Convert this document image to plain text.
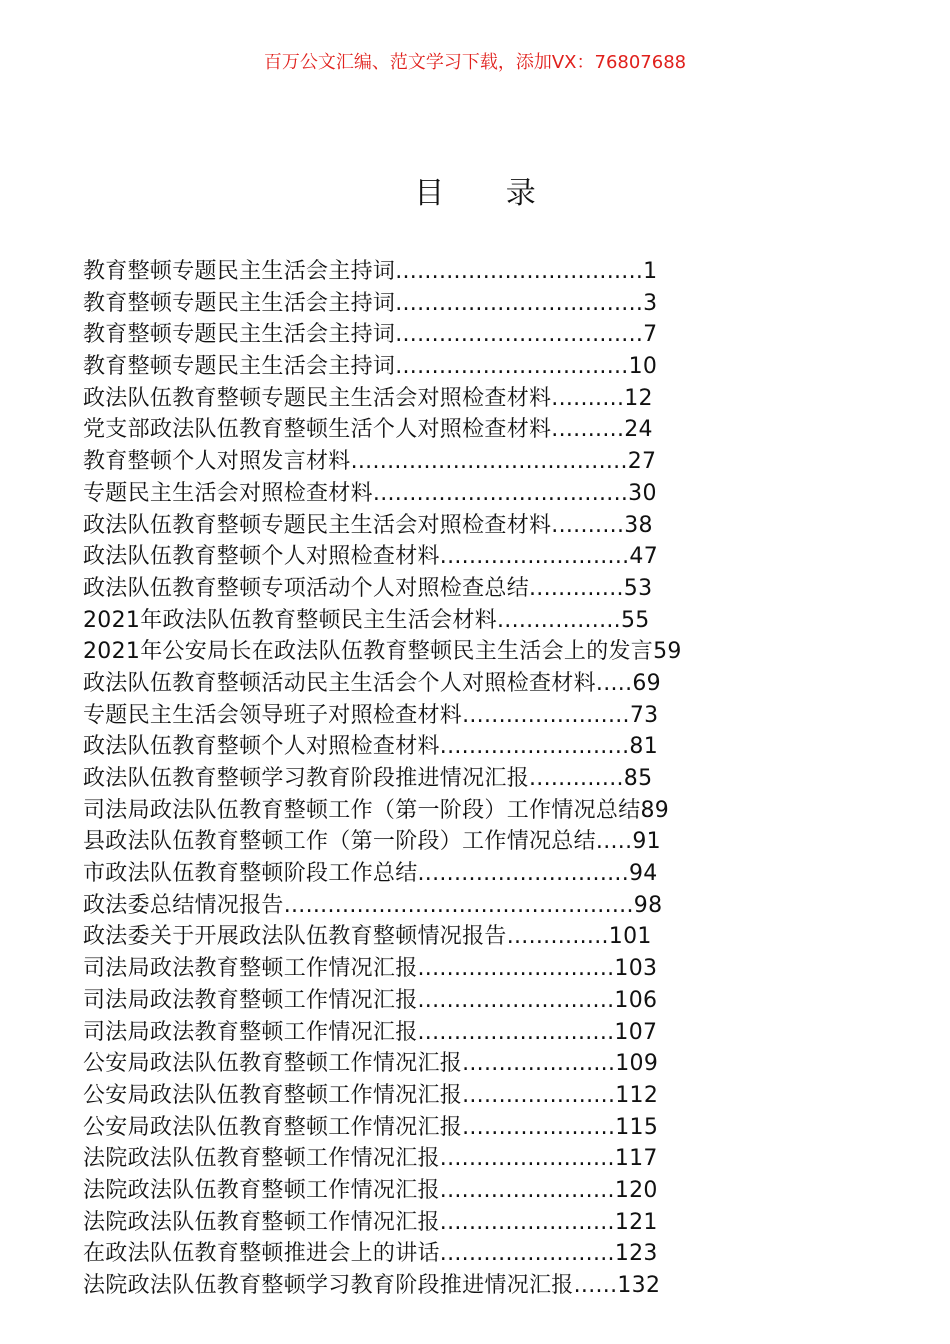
百万公文汇编、范文学习下载，添加VX：76807688
目 录
教育整顿专题民主生活会主持词..................................1
教育整顿专题民主生活会主持词..................................3
教育整顿专题民主生活会主持词..................................7
教育整顿专题民主生活会主持词................................10
政法队伍教育整顿专题民主生活会对照检查材料..........12
党支部政法队伍教育整顿生活个人对照检查材料..........24
教育整顿个人对照发言材料......................................27
专题民主生活会对照检查材料...................................30
政法队伍教育整顿专题民主生活会对照检查材料..........38
政法队伍教育整顿个人对照检查材料..........................47
政法队伍教育整顿专项活动个人对照检查总结.............53
2021年政法队伍教育整顿民主生活会材料.................55
2021年公安局长在政法队伍教育整顿民主生活会上的发言59
政法队伍教育整顿活动民主生活会个人对照检查材料.....69
专题民主生活会领导班子对照检查材料.......................73
政法队伍教育整顿个人对照检查材料..........................81
政法队伍教育整顿学习教育阶段推进情况汇报.............85
司法局政法队伍教育整顿工作（第一阶段）工作情况总结89
县政法队伍教育整顿工作（第一阶段）工作情况总结.....91
市政法队伍教育整顿阶段工作总结.............................94
政法委总结情况报告................................................98
政法委关于开展政法队伍教育整顿情况报告..............101
司法局政法教育整顿工作情况汇报...........................103
司法局政法教育整顿工作情况汇报...........................106
司法局政法教育整顿工作情况汇报...........................107
公安局政法队伍教育整顿工作情况汇报.....................109
公安局政法队伍教育整顿工作情况汇报.....................112
公安局政法队伍教育整顿工作情况汇报.....................115
法院政法队伍教育整顿工作情况汇报........................117
法院政法队伍教育整顿工作情况汇报........................120
法院政法队伍教育整顿工作情况汇报........................121
在政法队伍教育整顿推进会上的讲话........................123
法院政法队伍教育整顿学习教育阶段推进情况汇报......132
